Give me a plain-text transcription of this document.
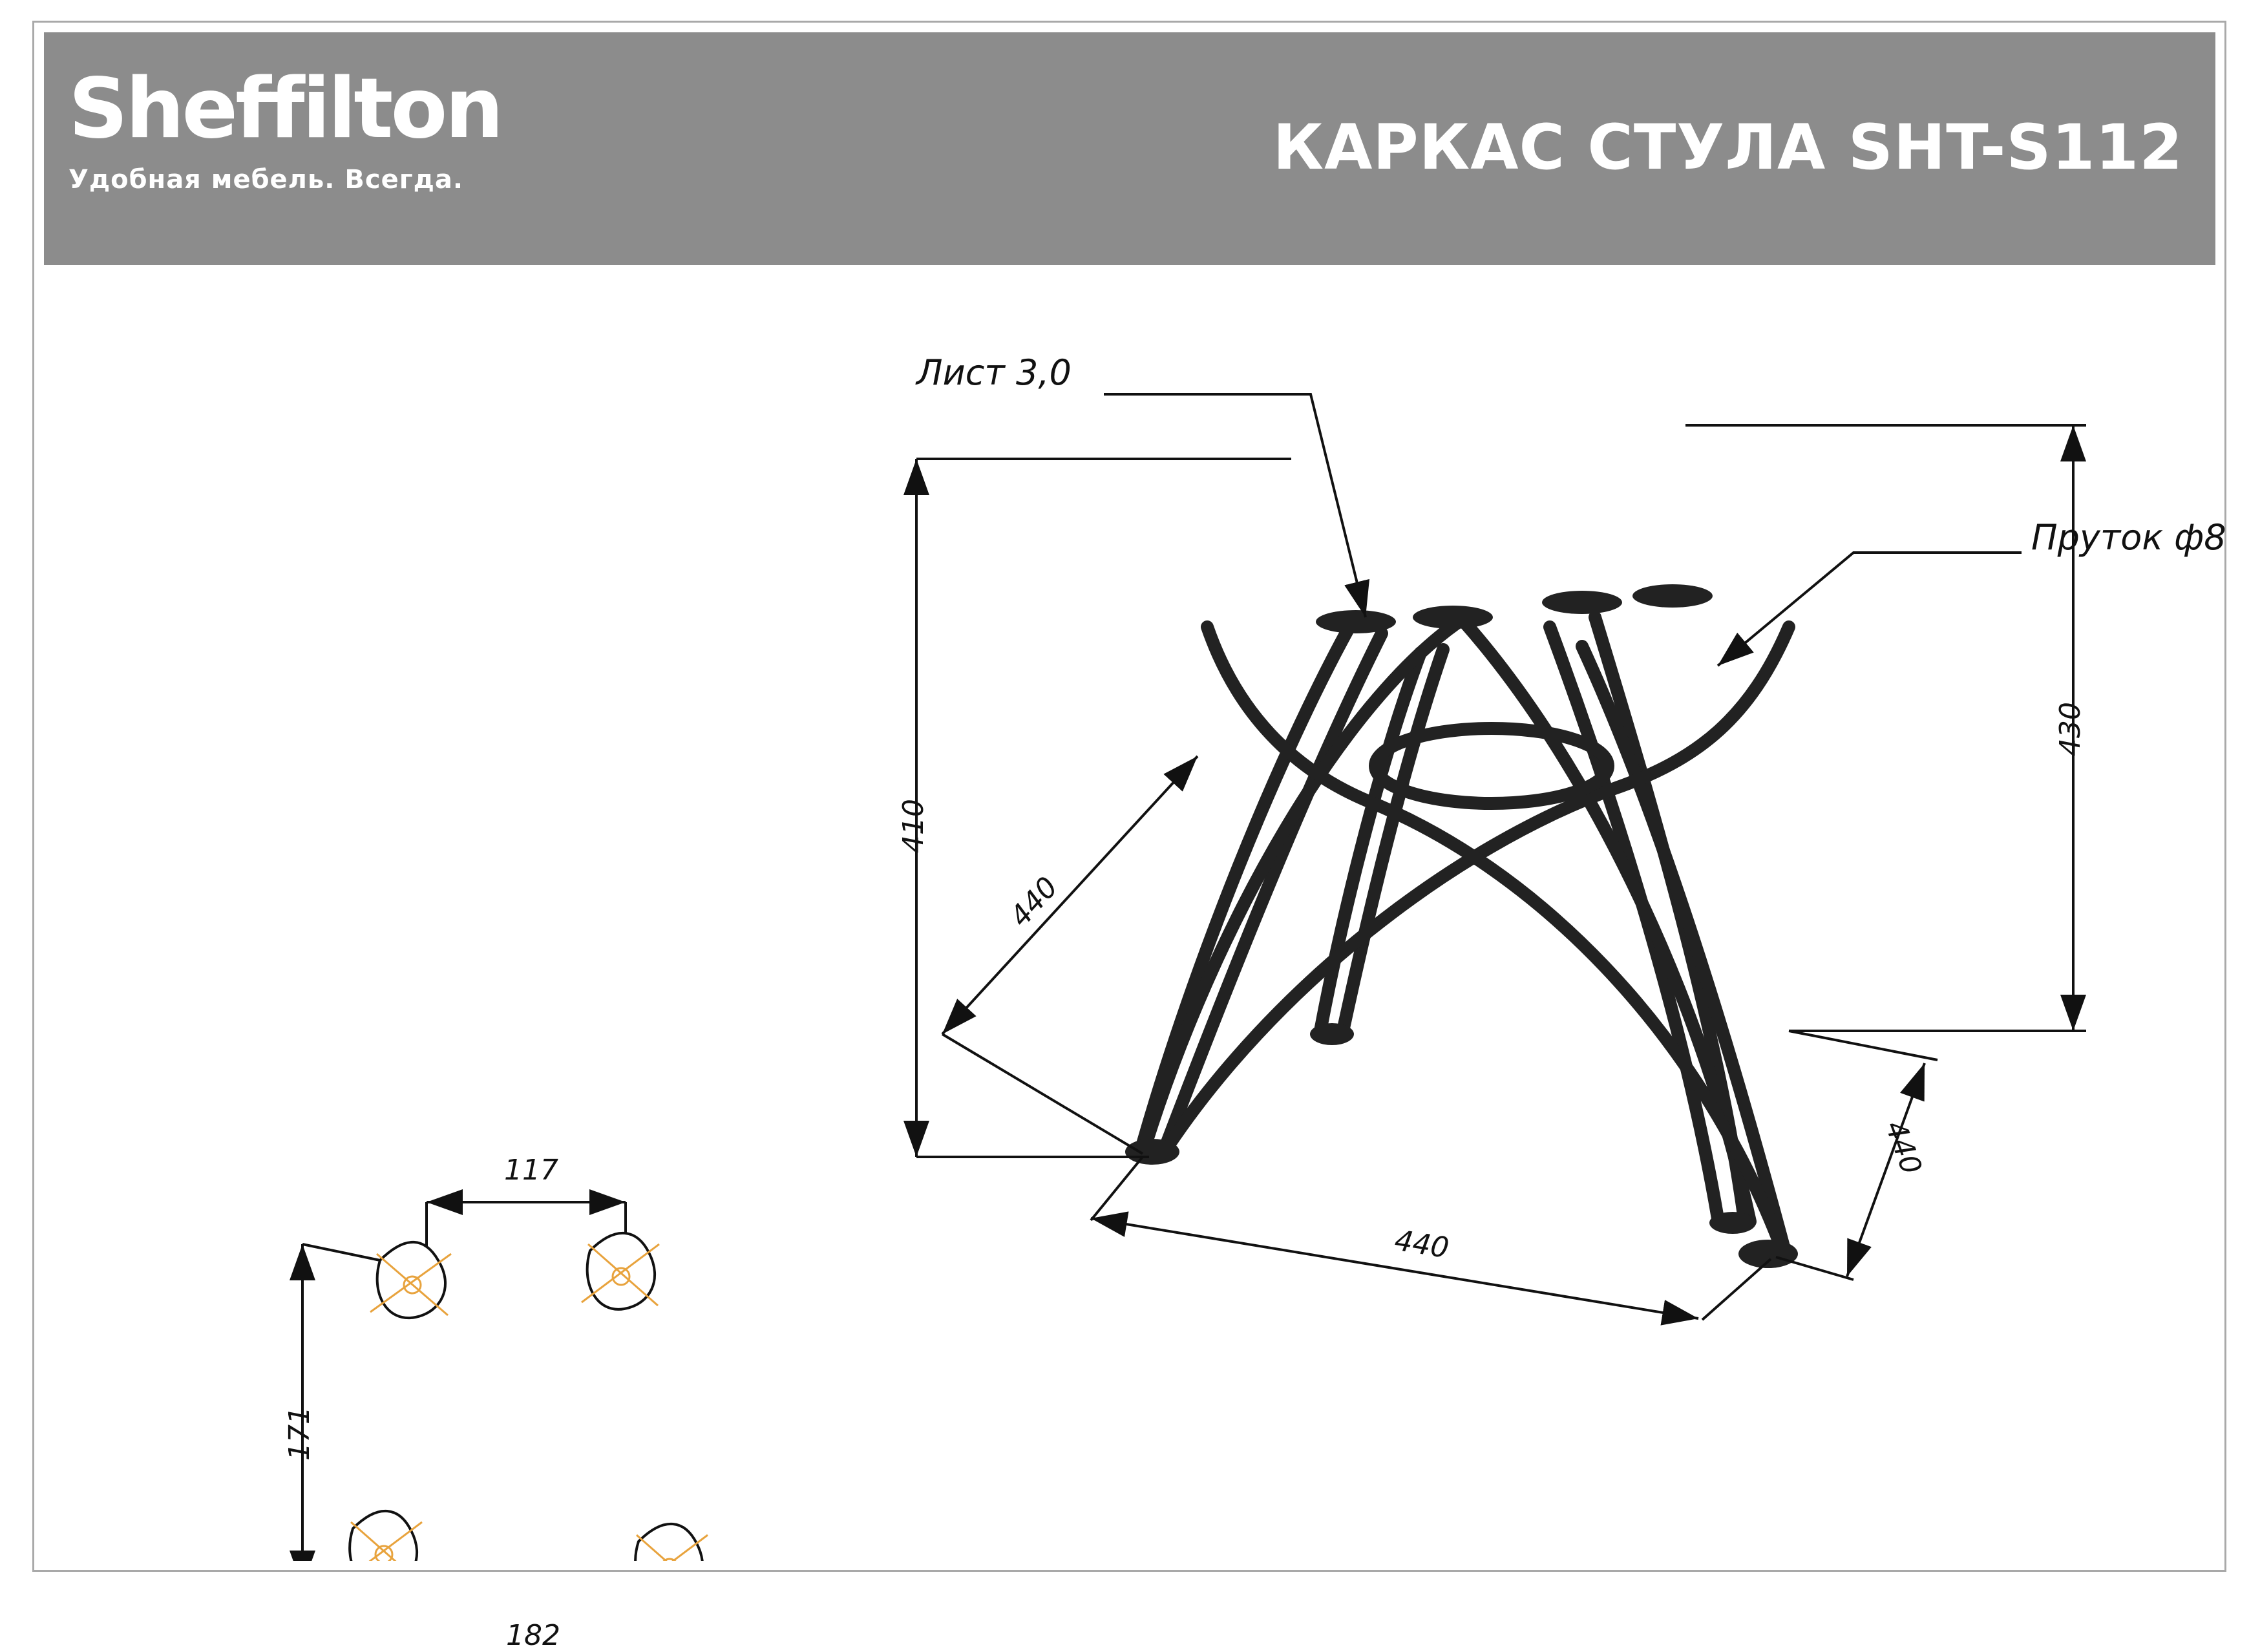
Sheffilton
Удобная мебель. Всегда.	КАРКАС СТУЛА SHT-S112
Лист 3,0
Пруток ф8
410
430
440
440
440
117
171
182
